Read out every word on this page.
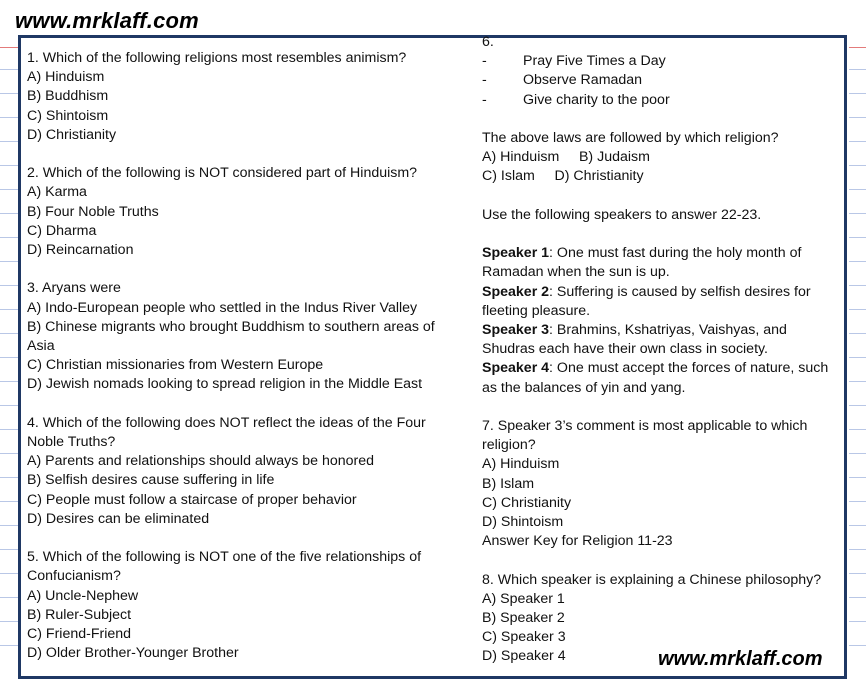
www.mrklaff.com
1. Which of the following religions most resembles animism?
A) Hinduism
B) Buddhism
C) Shintoism
D) Christianity
2. Which of the following is NOT considered part of Hinduism?
A) Karma
B) Four Noble Truths
C) Dharma
D) Reincarnation
3. Aryans were
A) Indo-European people who settled in the Indus River Valley
B) Chinese migrants who brought Buddhism to southern areas of Asia
C) Christian missionaries from Western Europe
D) Jewish nomads looking to spread religion in the Middle East
4. Which of the following does NOT reflect the ideas of the Four Noble Truths?
A) Parents and relationships should always be honored
B) Selfish desires cause suffering in life
C) People must follow a staircase of proper behavior
D) Desires can be eliminated
5. Which of the following is NOT one of the five relationships of Confucianism?
A) Uncle-Nephew
B) Ruler-Subject
C) Friend-Friend
D) Older Brother-Younger Brother
6.
-	Pray Five Times a Day
-	Observe Ramadan
-	Give charity to the poor
The above laws are followed by which religion?
A) Hinduism     B) Judaism
C) Islam     D) Christianity
Use the following speakers to answer 22-23.
Speaker 1: One must fast during the holy month of Ramadan when the sun is up.
Speaker 2: Suffering is caused by selfish desires for fleeting pleasure.
Speaker 3: Brahmins, Kshatriyas, Vaishyas, and Shudras each have their own class in society.
Speaker 4: One must accept the forces of nature, such as the balances of yin and yang.
7. Speaker 3’s comment is most applicable to which religion?
A) Hinduism
B) Islam
C) Christianity
D) Shintoism
Answer Key for Religion 11-23
8. Which speaker is explaining a Chinese philosophy?
A) Speaker 1
B) Speaker 2
C) Speaker 3
D) Speaker 4	www.mrklaff.com
